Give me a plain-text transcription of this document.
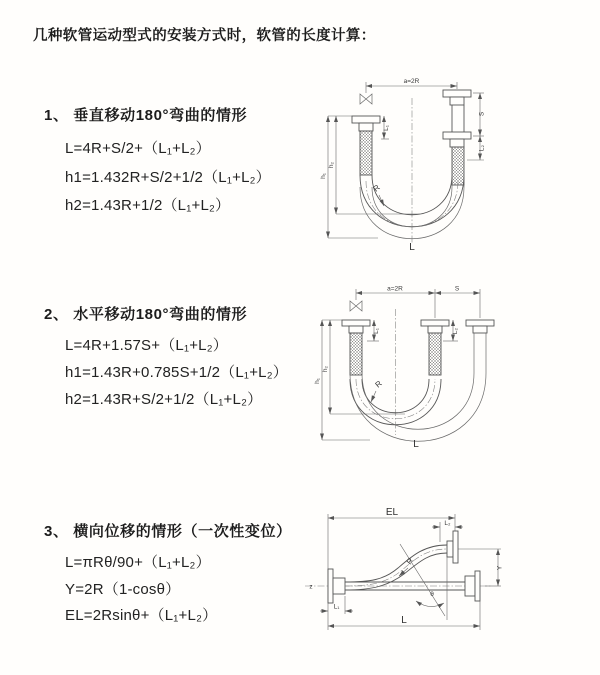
几种软管运动型式的安装方式时，软管的长度计算：
1、 垂直移动180°弯曲的情形
L=4R+S/2+（L₁+L₂）
h1=1.432R+S/2+1/2（L₁+L₂）
h2=1.43R+1/2（L₁+L₂）
2、 水平移动180°弯曲的情形
L=4R+1.57S+（L₁+L₂）
h1=1.43R+0.785S+1/2（L₁+L₂）
h2=1.43R+S/2+1/2（L₁+L₂）
3、 横向位移的情形（一次性变位）
L=πRθ/90+（L₁+L₂）
Y=2R（1-cosθ）
EL=2Rsinθ+（L₁+L₂）
a=2R
L₁
S
L₂
h₁
h₂
R
L
a=2R	S
L₁	L₂
h₁
h₂
R
L
EL
L₂
Y
L₁
L
z
θ
R
